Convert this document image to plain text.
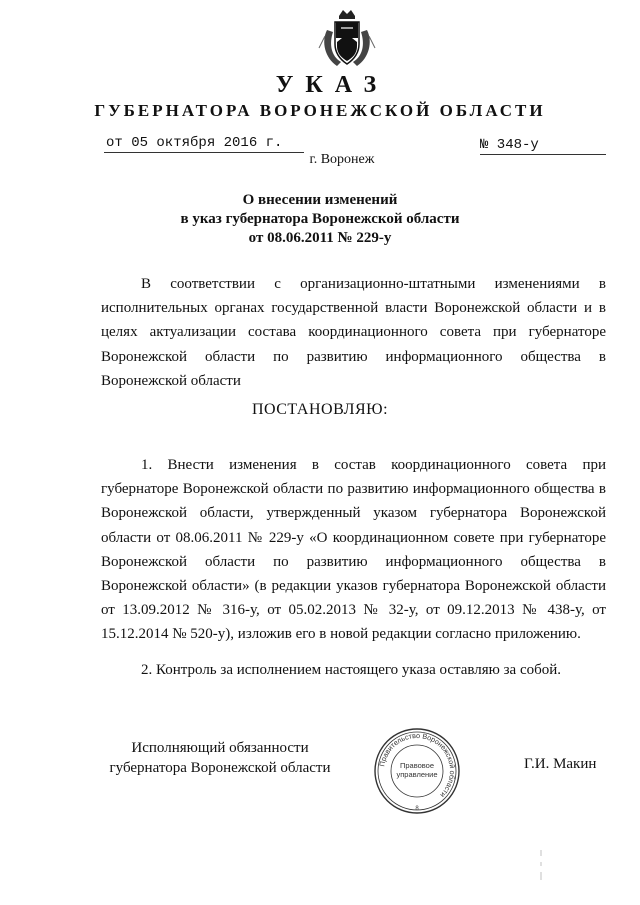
УКАЗ
ГУБЕРНАТОРА ВОРОНЕЖСКОЙ ОБЛАСТИ
от 05 октября 2016 г.	№ 348-у
г. Воронеж
О внесении изменений
в указ губернатора Воронежской области
от 08.06.2011 № 229-у
В соответствии с организационно-штатными изменениями в исполнительных органах государственной власти Воронежской области и в целях актуализации состава координационного совета при губернаторе Воронежской области по развитию информационного общества в Воронежской области
ПОСТАНОВЛЯЮ:
1. Внести изменения в состав координационного совета при губернаторе Воронежской области по развитию информационного общества в Воронежской области, утвержденный указом губернатора Воронежской области от 08.06.2011 № 229-у «О координационном совете при губернаторе Воронежской области по развитию информационного общества в Воронежской области» (в редакции указов губернатора Воронежской области от 13.09.2012 № 316-у, от 05.02.2013 № 32-у, от 09.12.2013 № 438-у, от 15.12.2014 № 520-у), изложив его в новой редакции согласно приложению.
2. Контроль за исполнением настоящего указа оставляю за собой.
Исполняющий обязанности
губернатора Воронежской области	Правительство Воронежской области
Правовое
управление
8
Г.И. Макин
